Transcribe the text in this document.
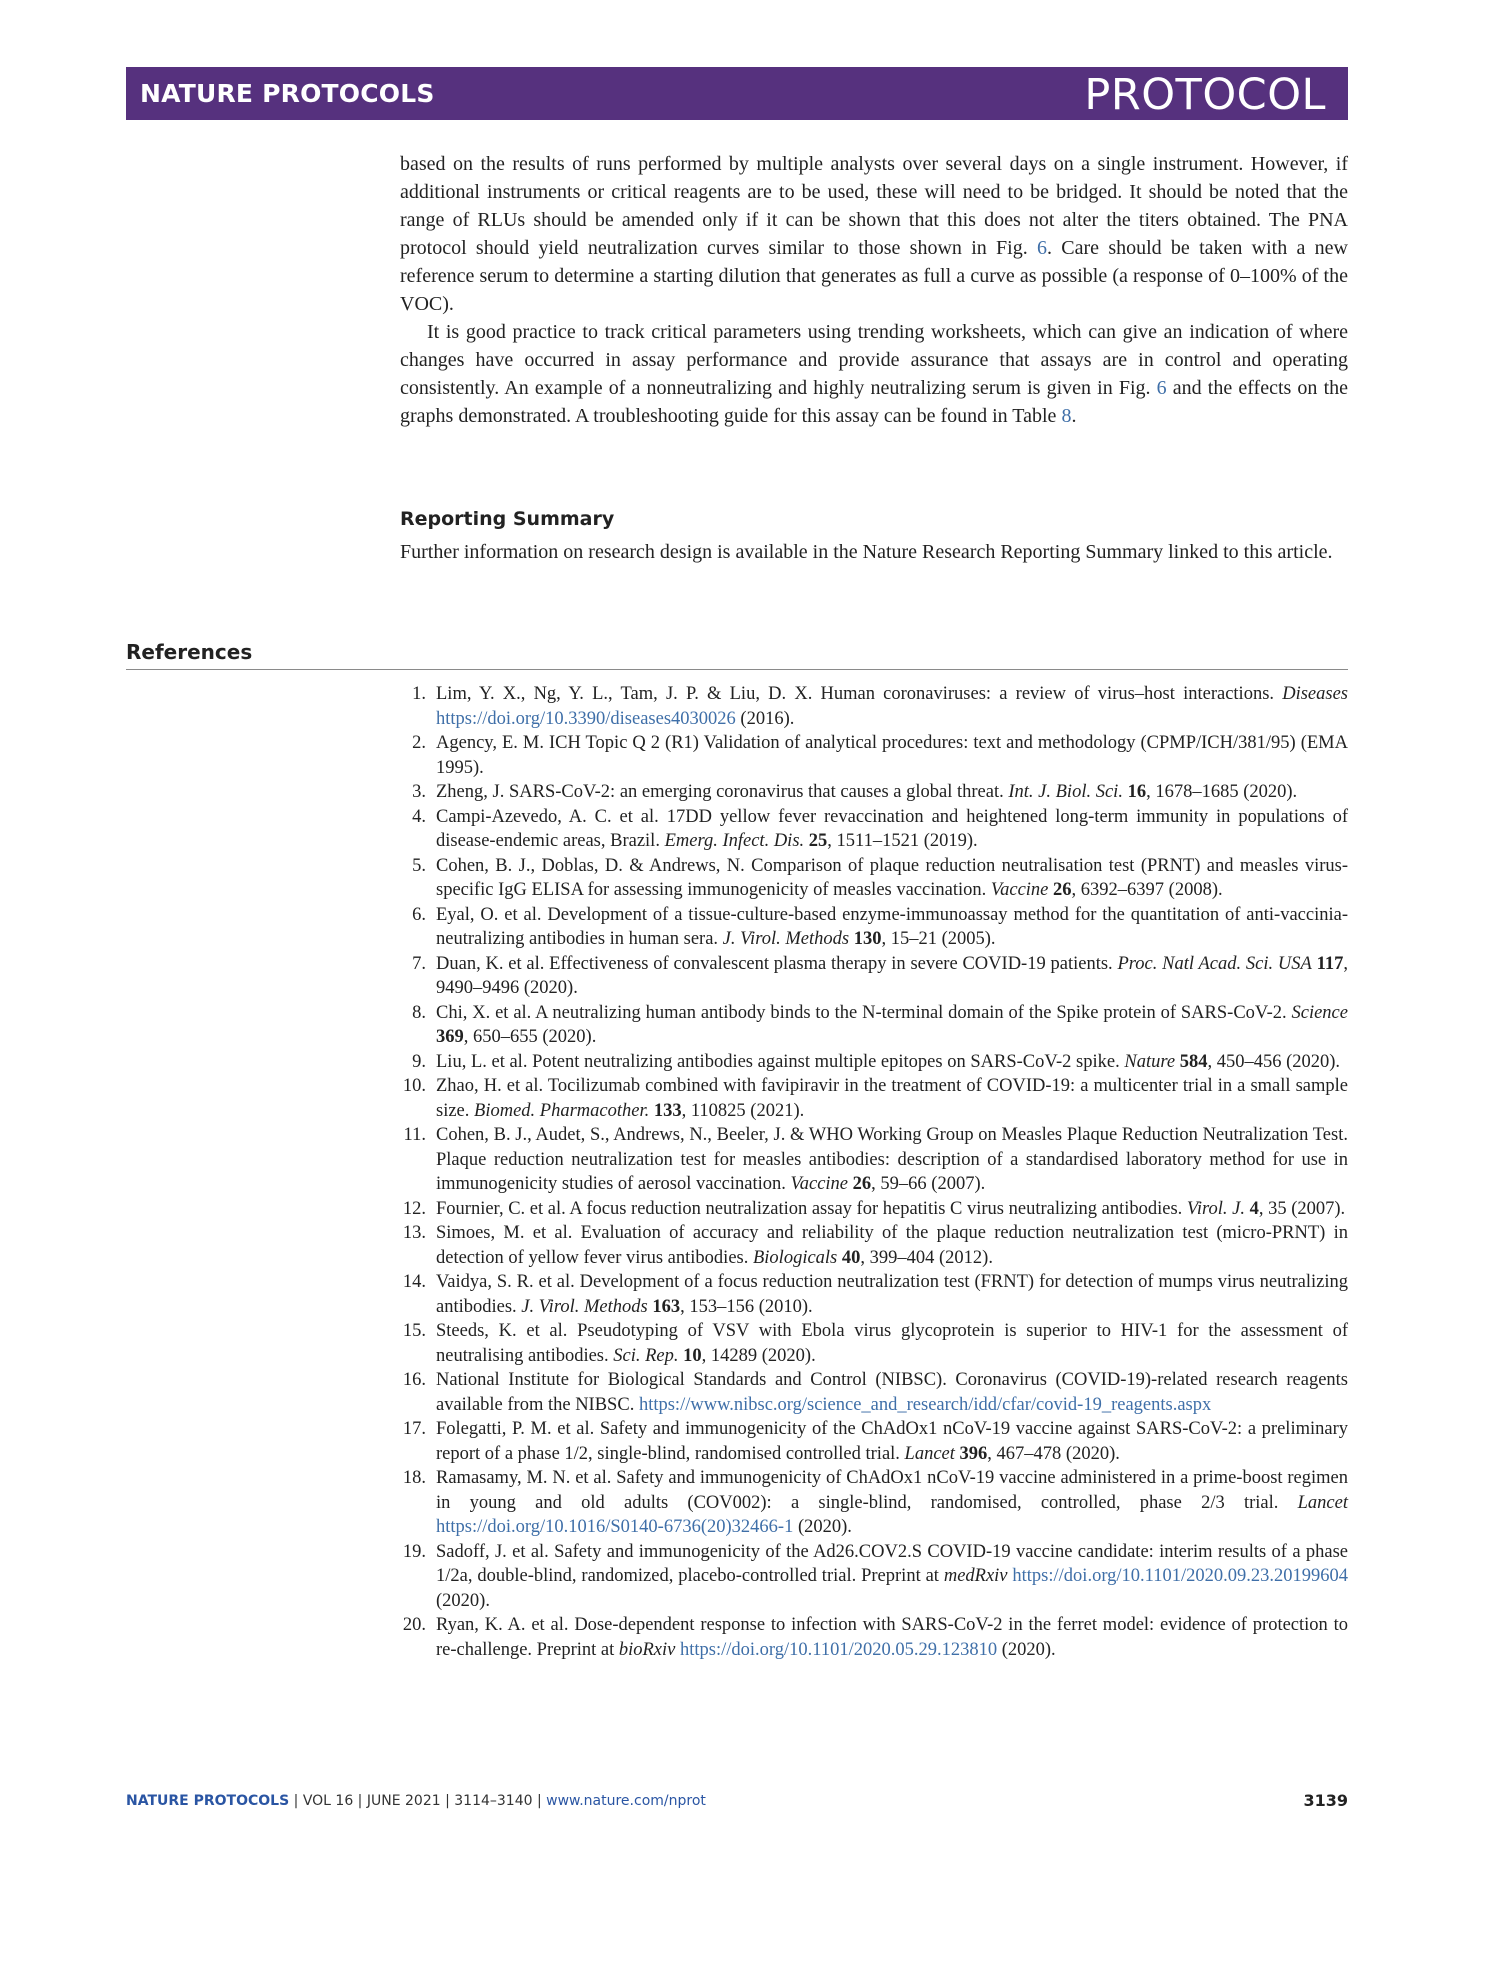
NATURE PROTOCOLS	PROTOCOL

based on the results of runs performed by multiple analysts over several days on a single instrument. However, if additional instruments or critical reagents are to be used, these will need to be bridged. It should be noted that the range of RLUs should be amended only if it can be shown that this does not alter the titers obtained. The PNA protocol should yield neutralization curves similar to those shown in Fig. 6. Care should be taken with a new reference serum to determine a starting dilution that generates as full a curve as possible (a response of 0–100% of the VOC).

It is good practice to track critical parameters using trending worksheets, which can give an indication of where changes have occurred in assay performance and provide assurance that assays are in control and operating consistently. An example of a nonneutralizing and highly neutralizing serum is given in Fig. 6 and the effects on the graphs demonstrated. A troubleshooting guide for this assay can be found in Table 8.

Reporting Summary

Further information on research design is available in the Nature Research Reporting Summary linked to this article.

References
1. Lim, Y. X., Ng, Y. L., Tam, J. P. & Liu, D. X. Human coronaviruses: a review of virus–host interactions. Diseases https://doi.org/10.3390/diseases4030026 (2016).
2. Agency, E. M. ICH Topic Q 2 (R1) Validation of analytical procedures: text and methodology (CPMP/ICH/381/95) (EMA 1995).
3. Zheng, J. SARS-CoV-2: an emerging coronavirus that causes a global threat. Int. J. Biol. Sci. 16, 1678–1685 (2020).
4. Campi-Azevedo, A. C. et al. 17DD yellow fever revaccination and heightened long-term immunity in populations of disease-endemic areas, Brazil. Emerg. Infect. Dis. 25, 1511–1521 (2019).
5. Cohen, B. J., Doblas, D. & Andrews, N. Comparison of plaque reduction neutralisation test (PRNT) and measles virus-specific IgG ELISA for assessing immunogenicity of measles vaccination. Vaccine 26, 6392–6397 (2008).
6. Eyal, O. et al. Development of a tissue-culture-based enzyme-immunoassay method for the quantitation of anti-vaccinia-neutralizing antibodies in human sera. J. Virol. Methods 130, 15–21 (2005).
7. Duan, K. et al. Effectiveness of convalescent plasma therapy in severe COVID-19 patients. Proc. Natl Acad. Sci. USA 117, 9490–9496 (2020).
8. Chi, X. et al. A neutralizing human antibody binds to the N-terminal domain of the Spike protein of SARS-CoV-2. Science 369, 650–655 (2020).
9. Liu, L. et al. Potent neutralizing antibodies against multiple epitopes on SARS-CoV-2 spike. Nature 584, 450–456 (2020).
10. Zhao, H. et al. Tocilizumab combined with favipiravir in the treatment of COVID-19: a multicenter trial in a small sample size. Biomed. Pharmacother. 133, 110825 (2021).
11. Cohen, B. J., Audet, S., Andrews, N., Beeler, J. & WHO Working Group on Measles Plaque Reduction Neutralization Test. Plaque reduction neutralization test for measles antibodies: description of a standardised laboratory method for use in immunogenicity studies of aerosol vaccination. Vaccine 26, 59–66 (2007).
12. Fournier, C. et al. A focus reduction neutralization assay for hepatitis C virus neutralizing antibodies. Virol. J. 4, 35 (2007).
13. Simoes, M. et al. Evaluation of accuracy and reliability of the plaque reduction neutralization test (micro-PRNT) in detection of yellow fever virus antibodies. Biologicals 40, 399–404 (2012).
14. Vaidya, S. R. et al. Development of a focus reduction neutralization test (FRNT) for detection of mumps virus neutralizing antibodies. J. Virol. Methods 163, 153–156 (2010).
15. Steeds, K. et al. Pseudotyping of VSV with Ebola virus glycoprotein is superior to HIV-1 for the assessment of neutralising antibodies. Sci. Rep. 10, 14289 (2020).
16. National Institute for Biological Standards and Control (NIBSC). Coronavirus (COVID-19)-related research reagents available from the NIBSC. https://www.nibsc.org/science_and_research/idd/cfar/covid-19_reagents.aspx
17. Folegatti, P. M. et al. Safety and immunogenicity of the ChAdOx1 nCoV-19 vaccine against SARS-CoV-2: a preliminary report of a phase 1/2, single-blind, randomised controlled trial. Lancet 396, 467–478 (2020).
18. Ramasamy, M. N. et al. Safety and immunogenicity of ChAdOx1 nCoV-19 vaccine administered in a prime-boost regimen in young and old adults (COV002): a single-blind, randomised, controlled, phase 2/3 trial. Lancet https://doi.org/10.1016/S0140-6736(20)32466-1 (2020).
19. Sadoff, J. et al. Safety and immunogenicity of the Ad26.COV2.S COVID-19 vaccine candidate: interim results of a phase 1/2a, double-blind, randomized, placebo-controlled trial. Preprint at medRxiv https://doi.org/10.1101/2020.09.23.20199604 (2020).
20. Ryan, K. A. et al. Dose-dependent response to infection with SARS-CoV-2 in the ferret model: evidence of protection to re-challenge. Preprint at bioRxiv https://doi.org/10.1101/2020.05.29.123810 (2020).
NATURE PROTOCOLS | VOL 16 | JUNE 2021 | 3114–3140 | www.nature.com/nprot	3139
